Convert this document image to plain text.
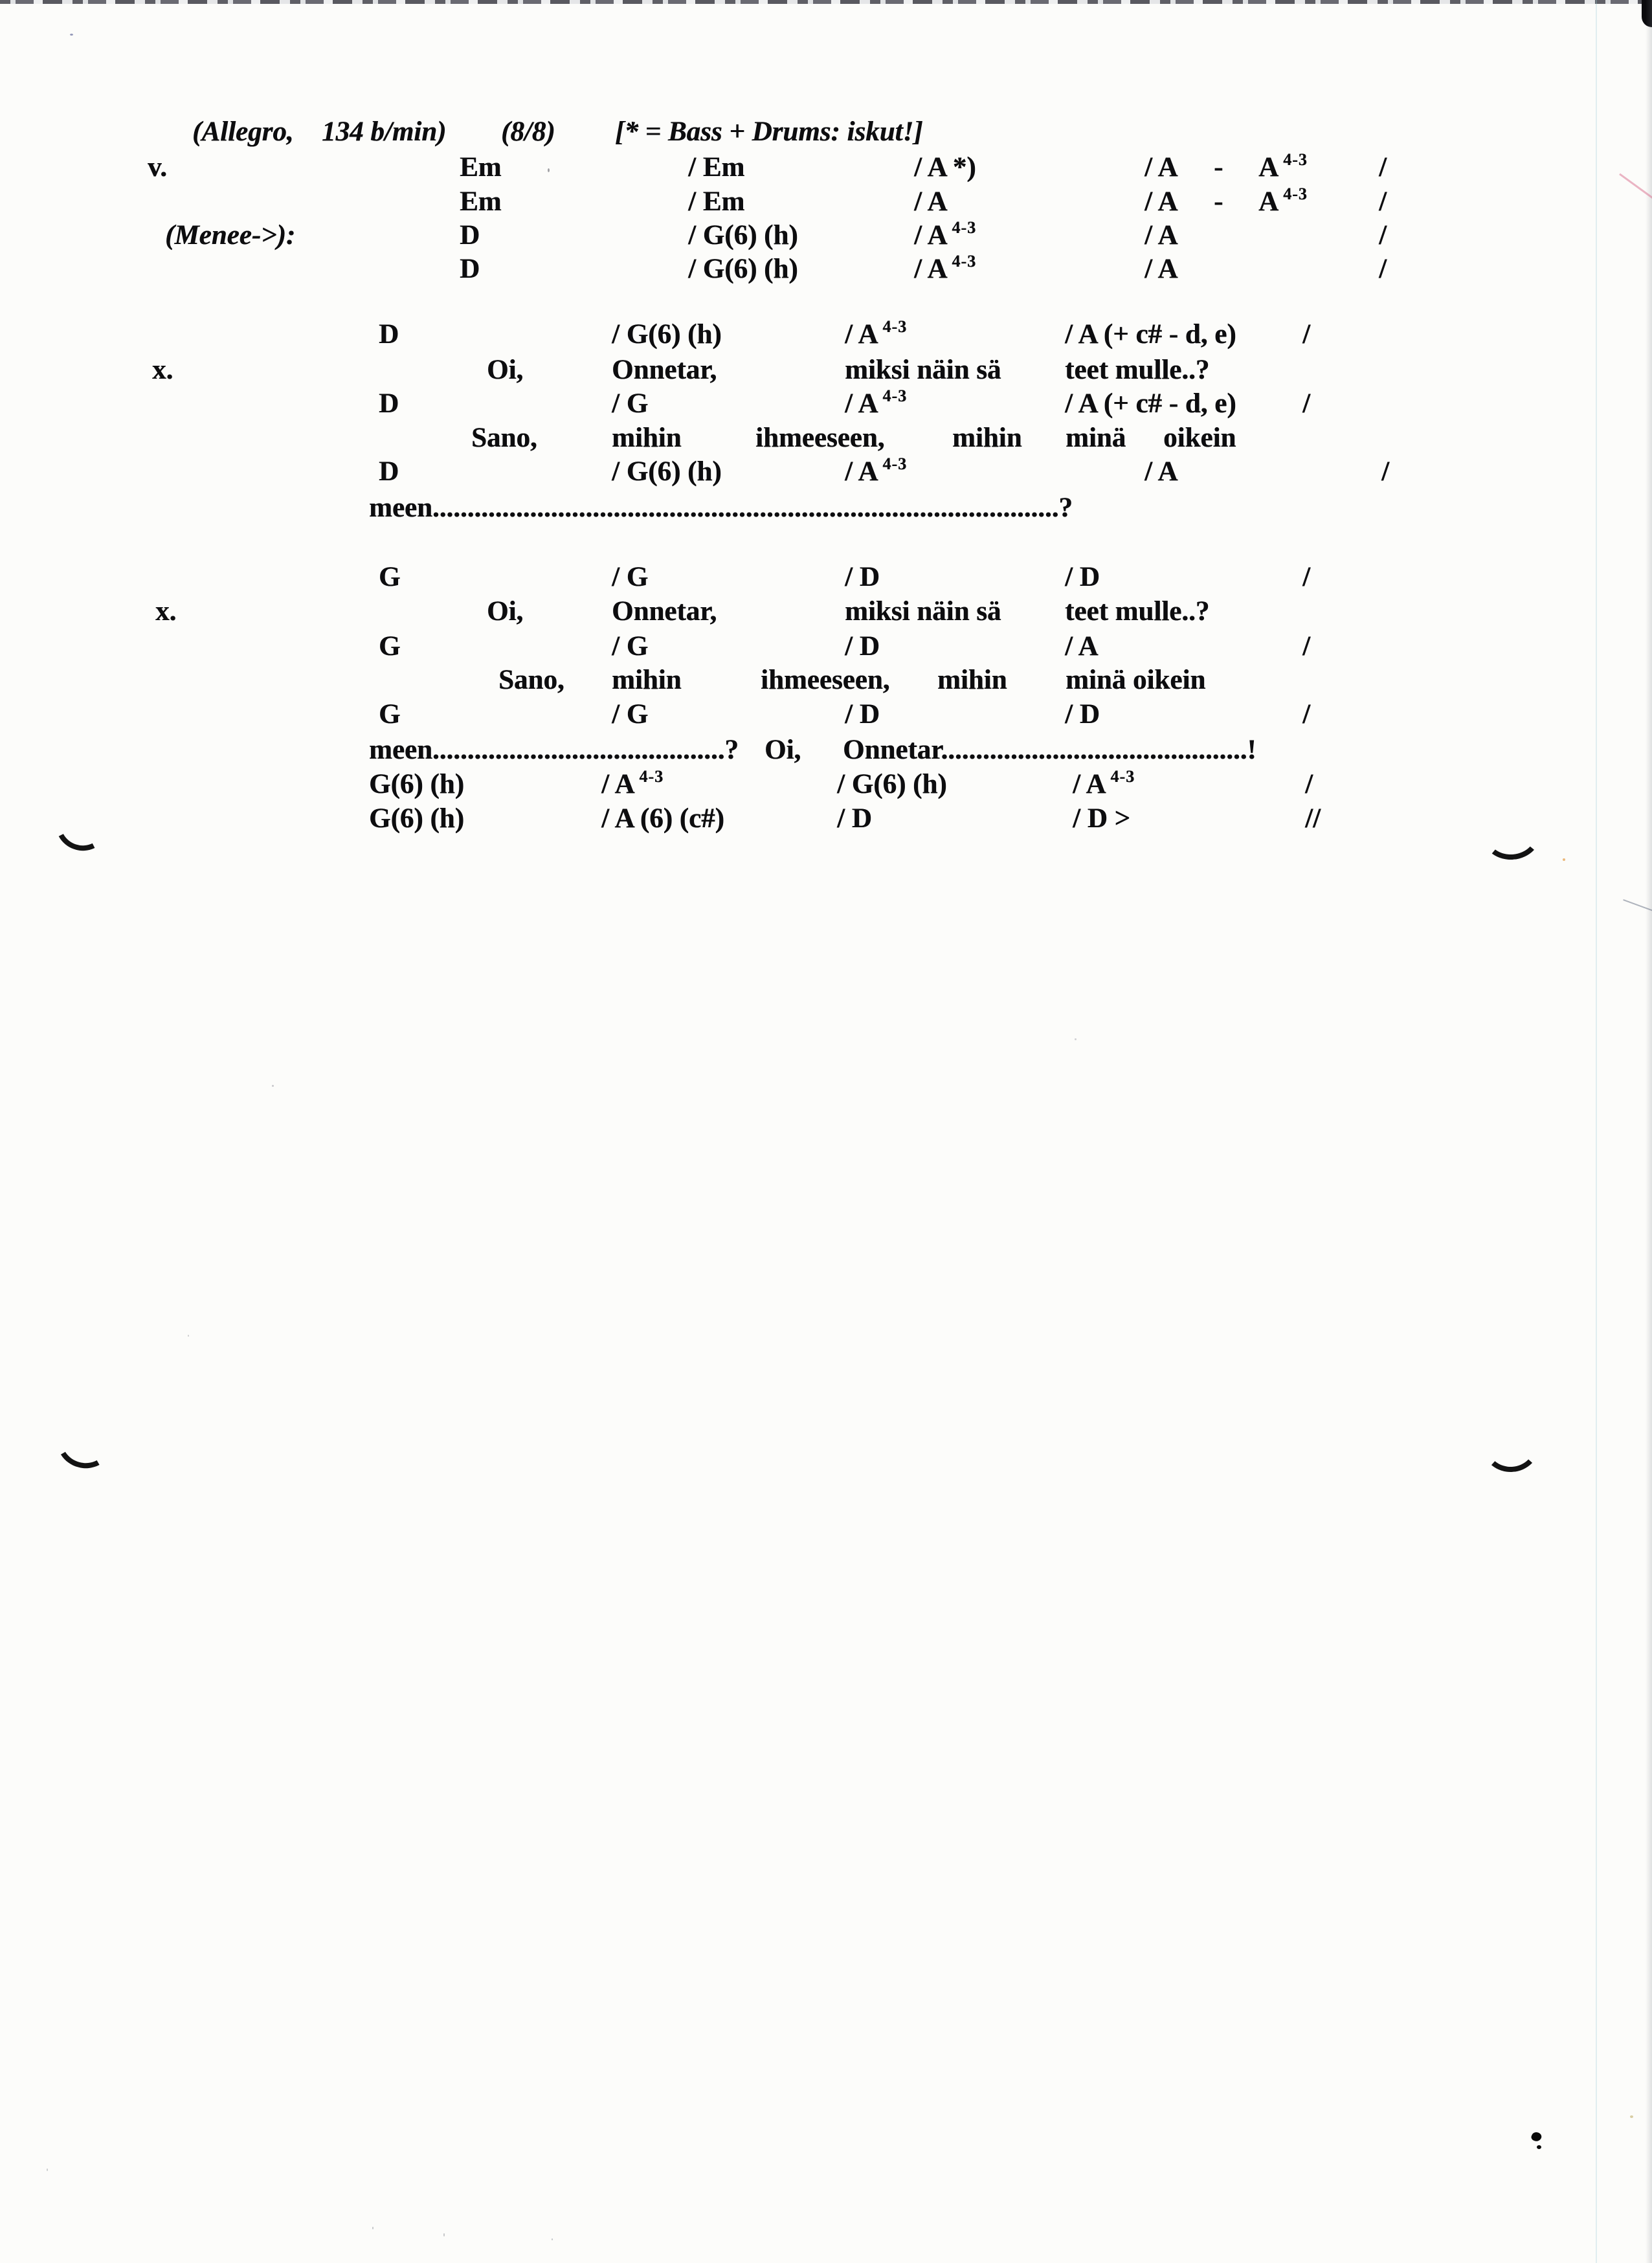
(Allegro, 134 b/min) (8/8) [* = Bass + Drums: iskut!]
v.	Em	/ Em	/ A *)	/ A - A $^{4-3}$	/
Em	/ Em	/ A	/ A - A $^{4-3}$	/
(Menee->):	D	/ G(6) (h)	/ A $^{4-3}$	/ A	/
D	/ G(6) (h)	/ A $^{4-3}$	/ A	/
D	/ G(6) (h)	/ A $^{4-3}$	/ A (+ c# - d, e) /
x.	Oi,	Onnetar,	miksi näin sä teet mulle..?
D	/ G	/ A $^{4-3}$	/ A (+ c# - d, e) /
Sano,	mihin	ihmeeseen, mihin minä oikein
D	/ G(6) (h)	/ A $^{4-3}$	/ A	/
meen..........................................................................................?
G	/ G	/ D	/ D	/
x.	Oi,	Onnetar,	miksi näin sä teet mulle..?
G	/ G	/ D	/ A	/
Sano, mihin	ihmeeseen, mihin minä oikein
G	/ G	/ D	/ D	/
meen..........................................? Oi, Onnetar............................................!
G(6) (h)	/ A $^{4-3}$	/ G(6) (h)	/ A $^{4-3}$	/
G(6) (h)	/ A (6) (c#)	/ D	/ D >	//
